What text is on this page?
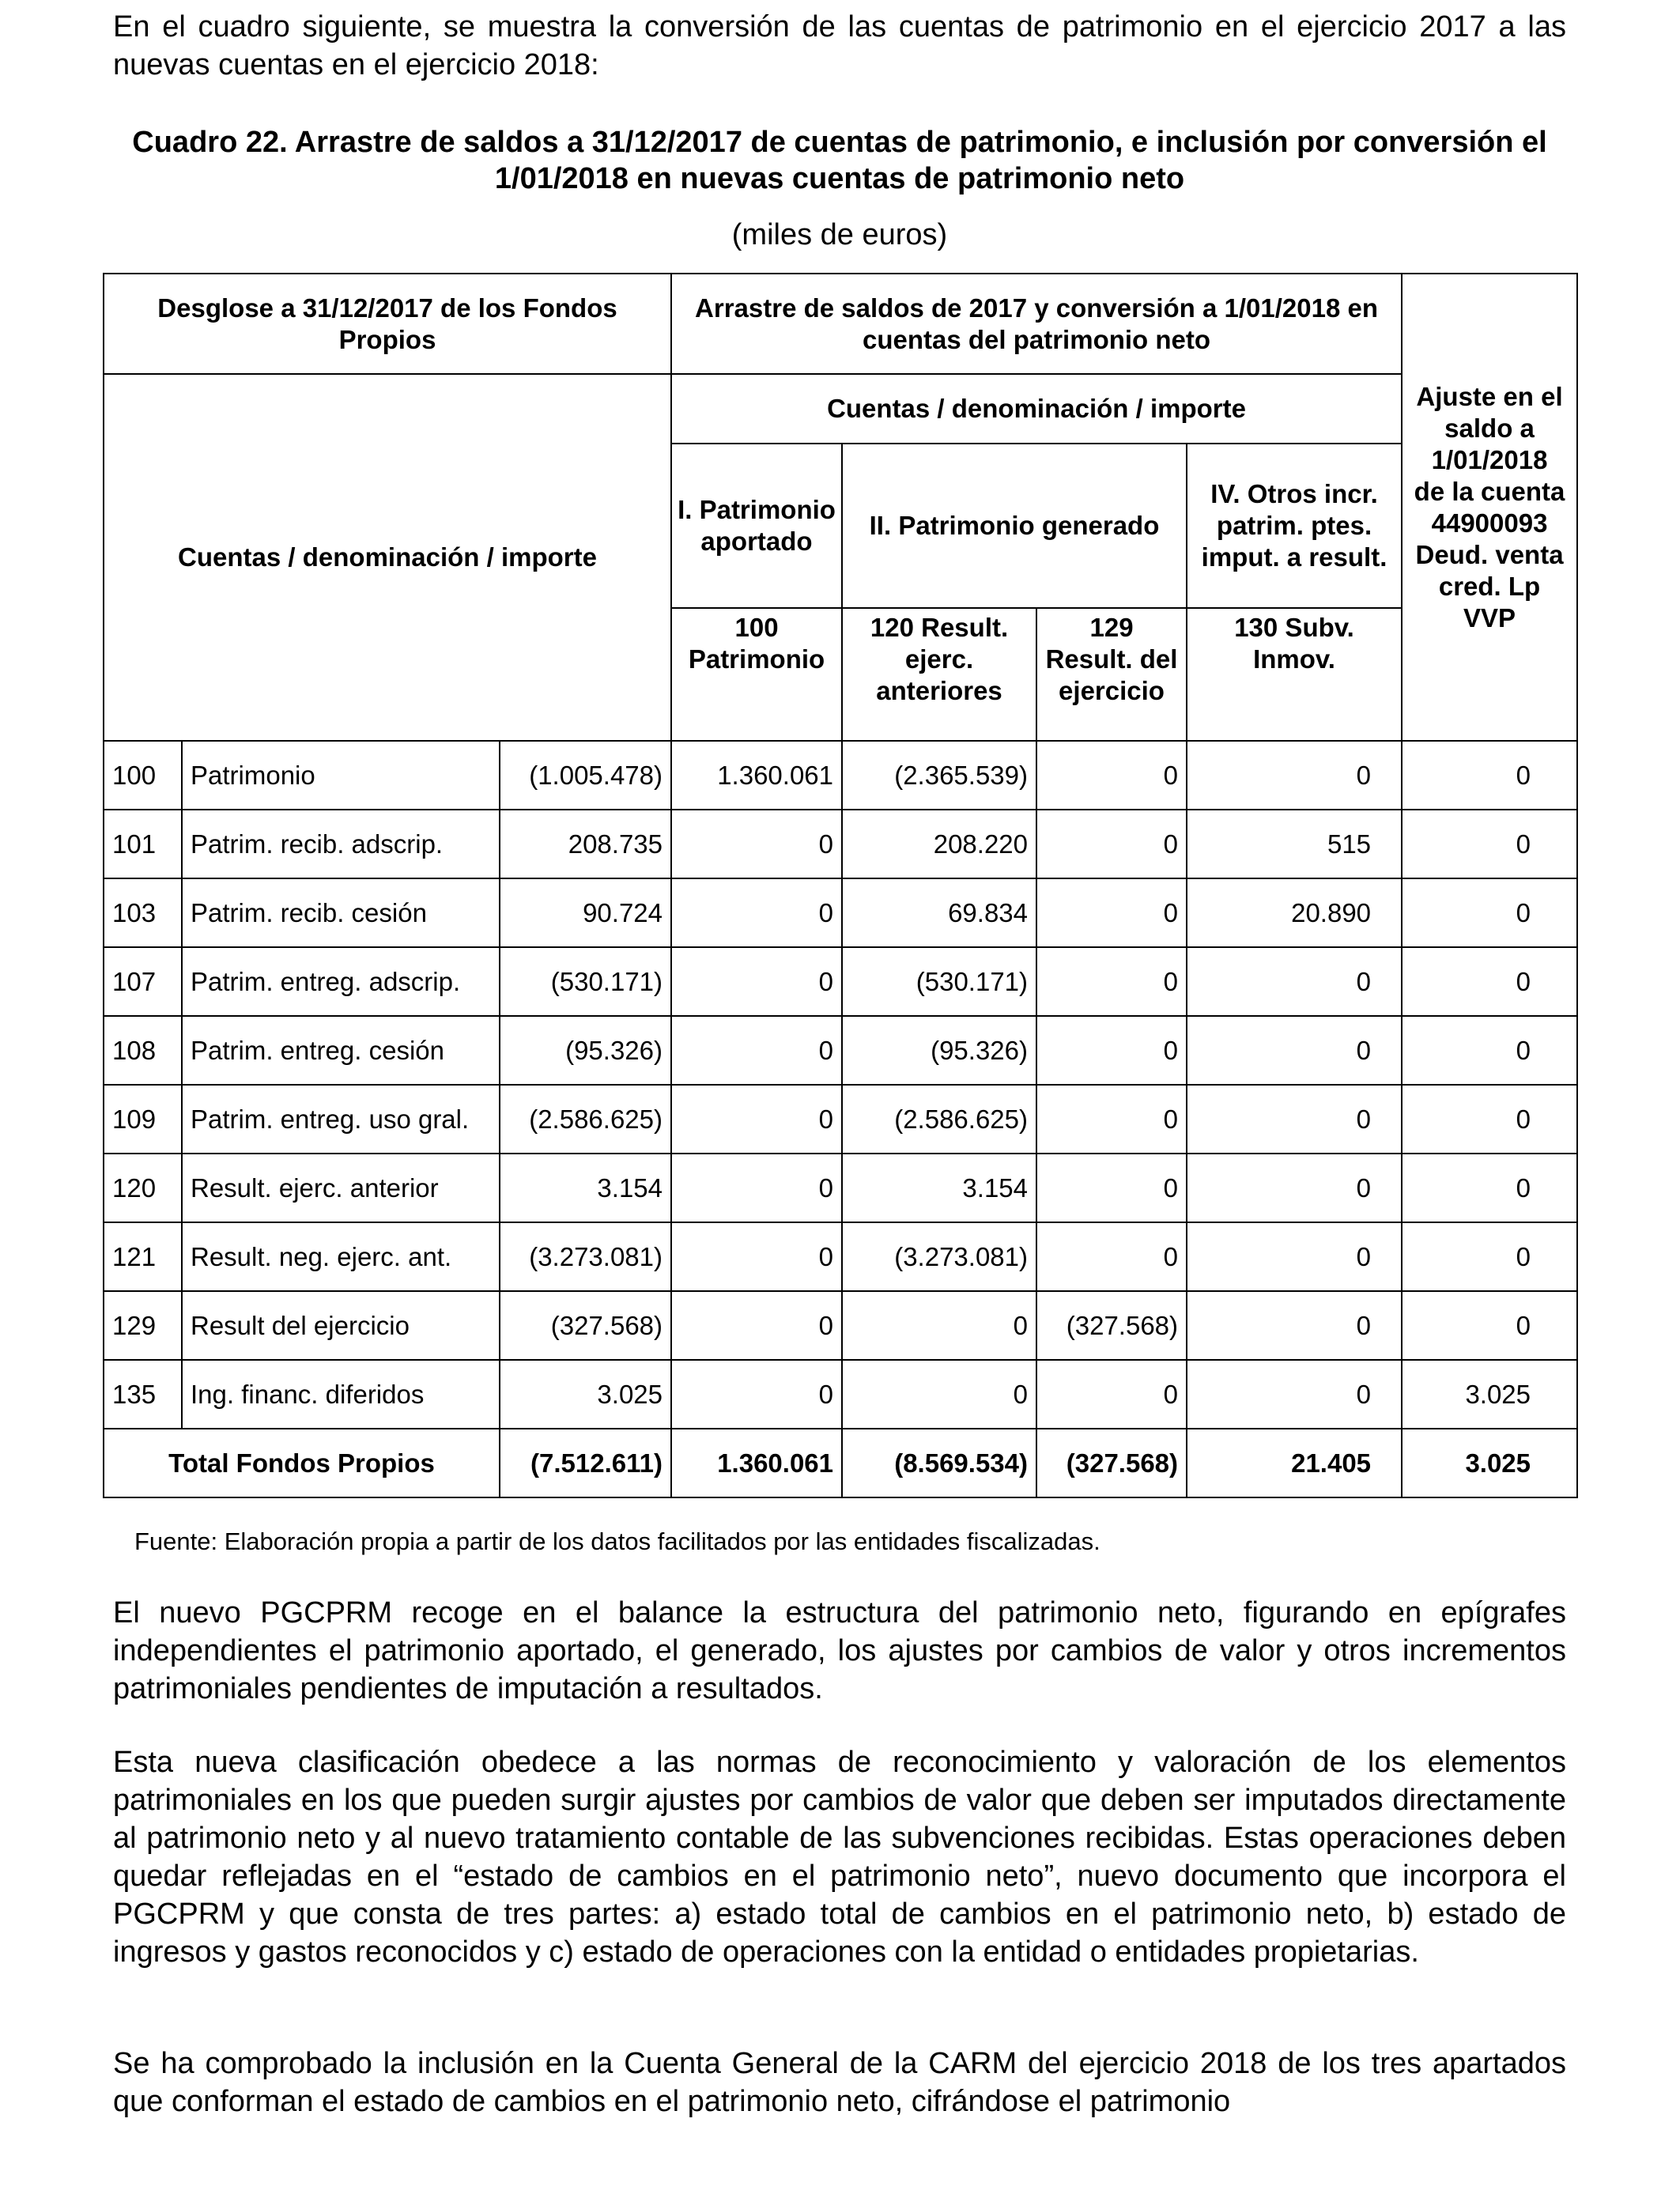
En el cuadro siguiente, se muestra la conversión de las cuentas de patrimonio en el ejercicio 2017 a las nuevas cuentas en el ejercicio 2018:

Cuadro 22. Arrastre de saldos a 31/12/2017 de cuentas de patrimonio, e inclusión por conversión el 1/01/2018 en nuevas cuentas de patrimonio neto

(miles de euros)

Desglose a 31/12/2017 de los Fondos Propios			Arrastre de saldos de 2017 y conversión a 1/01/2018 en cuentas del patrimonio neto				Ajuste en el saldo a 1/01/2018 de la cuenta 44900093 Deud. venta cred. Lp VVP
Cuentas / denominación / importe			Cuentas / denominación / importe				
			I. Patrimonio aportado	II. Patrimonio generado		IV. Otros incr. patrim. ptes. imput. a result.	
			100 Patrimonio	120 Result. ejerc. anteriores	129 Result. del ejercicio	130 Subv. Inmov.	
100	Patrimonio	(1.005.478)	1.360.061	(2.365.539)	0	0	0
101	Patrim. recib. adscrip.	208.735	0	208.220	0	515	0
103	Patrim. recib. cesión	90.724	0	69.834	0	20.890	0
107	Patrim. entreg. adscrip.	(530.171)	0	(530.171)	0	0	0
108	Patrim. entreg. cesión	(95.326)	0	(95.326)	0	0	0
109	Patrim. entreg. uso gral.	(2.586.625)	0	(2.586.625)	0	0	0
120	Result. ejerc. anterior	3.154	0	3.154	0	0	0
121	Result. neg. ejerc. ant.	(3.273.081)	0	(3.273.081)	0	0	0
129	Result del ejercicio	(327.568)	0	0	(327.568)	0	0
135	Ing. financ. diferidos	3.025	0	0	0	0	3.025
Total Fondos Propios		(7.512.611)	1.360.061	(8.569.534)	(327.568)	21.405	3.025

Fuente: Elaboración propia a partir de los datos facilitados por las entidades fiscalizadas.

El nuevo PGCPRM recoge en el balance la estructura del patrimonio neto, figurando en epígrafes independientes el patrimonio aportado, el generado, los ajustes por cambios de valor y otros incrementos patrimoniales pendientes de imputación a resultados.

Esta nueva clasificación obedece a las normas de reconocimiento y valoración de los elementos patrimoniales en los que pueden surgir ajustes por cambios de valor que deben ser imputados directamente al patrimonio neto y al nuevo tratamiento contable de las subvenciones recibidas. Estas operaciones deben quedar reflejadas en el “estado de cambios en el patrimonio neto”, nuevo documento que incorpora el PGCPRM y que consta de tres partes: a) estado total de cambios en el patrimonio neto, b) estado de ingresos y gastos reconocidos y c) estado de operaciones con la entidad o entidades propietarias.

Se ha comprobado la inclusión en la Cuenta General de la CARM del ejercicio 2018 de los tres apartados que conforman el estado de cambios en el patrimonio neto, cifrándose el patrimonio
